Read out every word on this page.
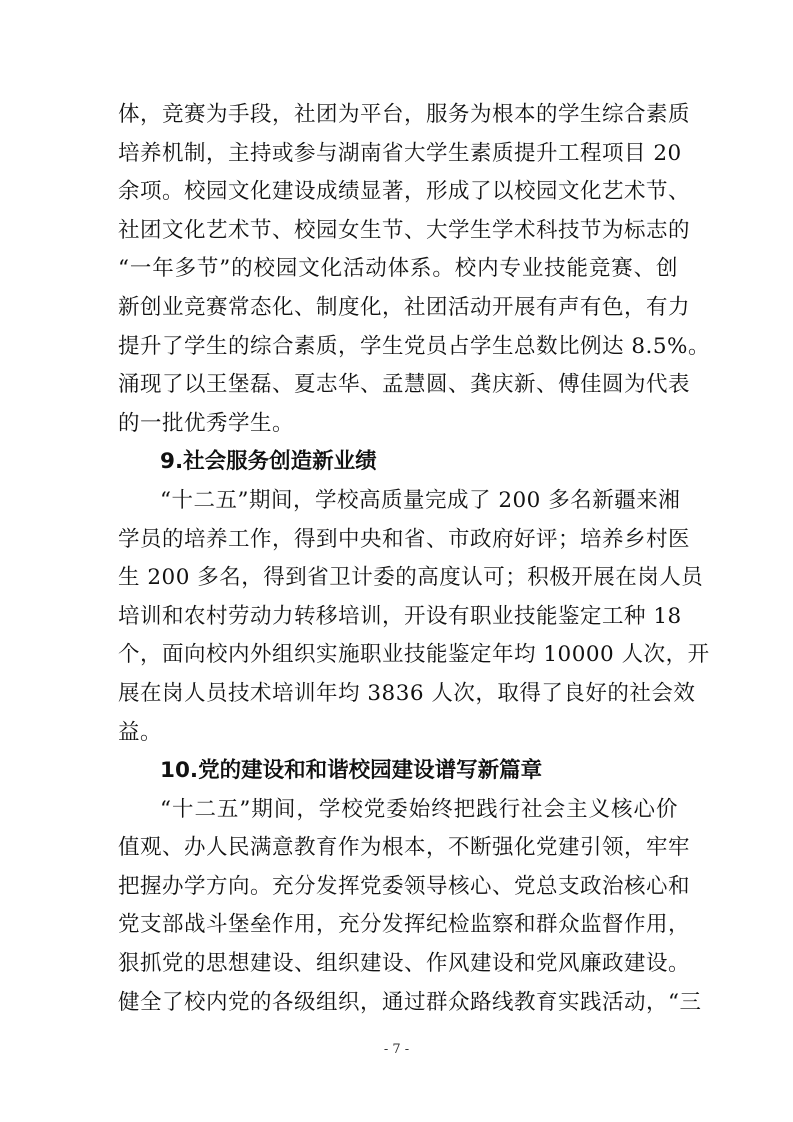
体，竞赛为手段，社团为平台，服务为根本的学生综合素质
培养机制，主持或参与湖南省大学生素质提升工程项目 20
余项。校园文化建设成绩显著，形成了以校园文化艺术节、
社团文化艺术节、校园女生节、大学生学术科技节为标志的
“一年多节”的校园文化活动体系。校内专业技能竞赛、创
新创业竞赛常态化、制度化，社团活动开展有声有色，有力
提升了学生的综合素质，学生党员占学生总数比例达 8.5%。
涌现了以王堡磊、夏志华、孟慧圆、龚庆新、傅佳圆为代表
的一批优秀学生。
9.社会服务创造新业绩
“十二五”期间，学校高质量完成了 200 多名新疆来湘
学员的培养工作，得到中央和省、市政府好评；培养乡村医
生 200 多名，得到省卫计委的高度认可；积极开展在岗人员
培训和农村劳动力转移培训，开设有职业技能鉴定工种 18
个，面向校内外组织实施职业技能鉴定年均 10000 人次，开
展在岗人员技术培训年均 3836 人次，取得了良好的社会效
益。
10.党的建设和和谐校园建设谱写新篇章
“十二五”期间，学校党委始终把践行社会主义核心价
值观、办人民满意教育作为根本，不断强化党建引领，牢牢
把握办学方向。充分发挥党委领导核心、党总支政治核心和
党支部战斗堡垒作用，充分发挥纪检监察和群众监督作用，
狠抓党的思想建设、组织建设、作风建设和党风廉政建设。
健全了校内党的各级组织，通过群众路线教育实践活动，“三
- 7 -
